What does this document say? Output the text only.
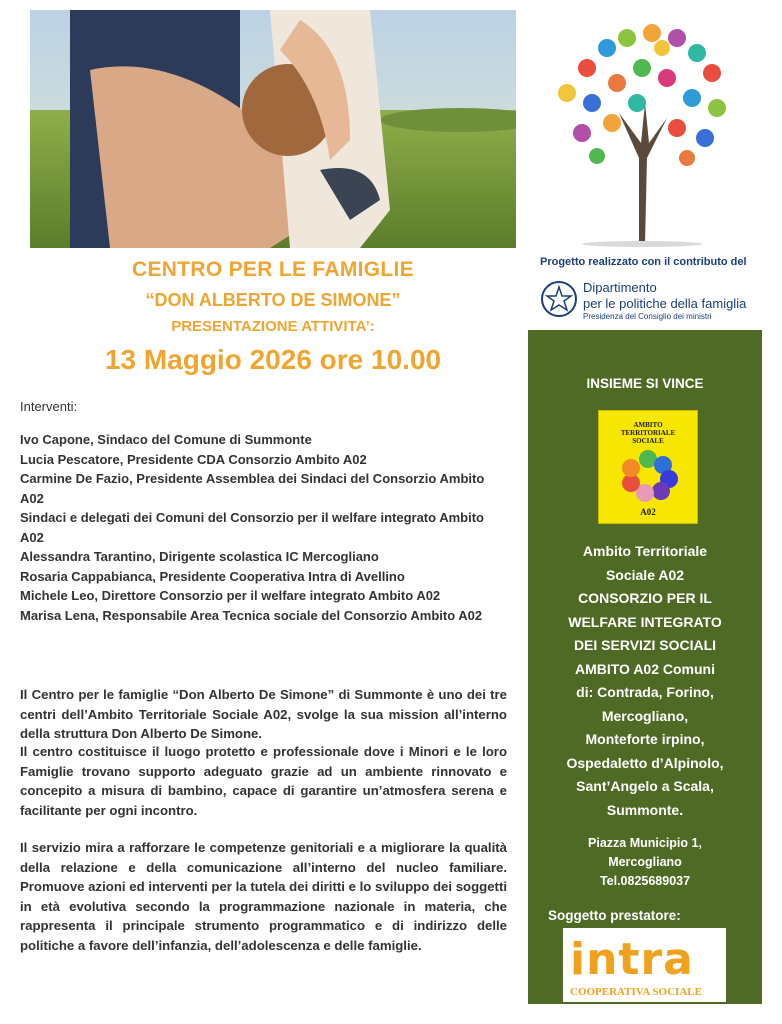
CENTRO PER LE FAMIGLIE
“DON ALBERTO DE SIMONE”
PRESENTAZIONE ATTIVITA’:
13 Maggio 2026 ore 10.00
Progetto realizzato con il contributo del
Dipartimento
per le politiche della famiglia
Presidenza del Consiglio dei ministri
Interventi:
Ivo Capone, Sindaco del Comune di Summonte
Lucia Pescatore, Presidente CDA Consorzio Ambito A02
Carmine De Fazio, Presidente Assemblea dei Sindaci del Consorzio Ambito A02
Sindaci e delegati dei Comuni del Consorzio per il welfare integrato Ambito A02
Alessandra Tarantino, Dirigente scolastica IC Mercogliano
Rosaria Cappabianca, Presidente Cooperativa Intra di Avellino
Michele Leo, Direttore Consorzio per il welfare integrato Ambito A02
Marisa Lena, Responsabile Area Tecnica sociale del Consorzio Ambito A02
Il Centro per le famiglie “Don Alberto De Simone” di Summonte è uno dei tre centri dell’Ambito Territoriale Sociale A02, svolge la sua mission all’interno della struttura Don Alberto De Simone.
Il centro costituisce il luogo protetto e professionale dove i Minori e le loro Famiglie trovano supporto adeguato grazie ad un ambiente rinnovato e concepito a misura di bambino, capace di garantire un’atmosfera serena e facilitante per ogni incontro.
Il servizio mira a rafforzare le competenze genitoriali e a migliorare la qualità della relazione e della comunicazione all’interno del nucleo familiare. Promuove azioni ed interventi per la tutela dei diritti e lo sviluppo dei soggetti in età evolutiva secondo la programmazione nazionale in materia, che rappresenta il principale strumento programmatico e di indirizzo delle politiche a favore dell’infanzia, dell’adolescenza e delle famiglie.
INSIEME SI VINCE
AMBITO
TERRITORIALE
SOCIALE
A02
Ambito Territoriale
Sociale A02
CONSORZIO PER IL
WELFARE INTEGRATO
DEI SERVIZI SOCIALI
AMBITO A02 Comuni
di: Contrada, Forino,
Mercogliano,
Monteforte irpino,
Ospedaletto d’Alpinolo,
Sant’Angelo a Scala,
Summonte.
Piazza Municipio 1,
Mercogliano
Tel.0825689037
Soggetto prestatore:
intra
COOPERATIVA SOCIALE
